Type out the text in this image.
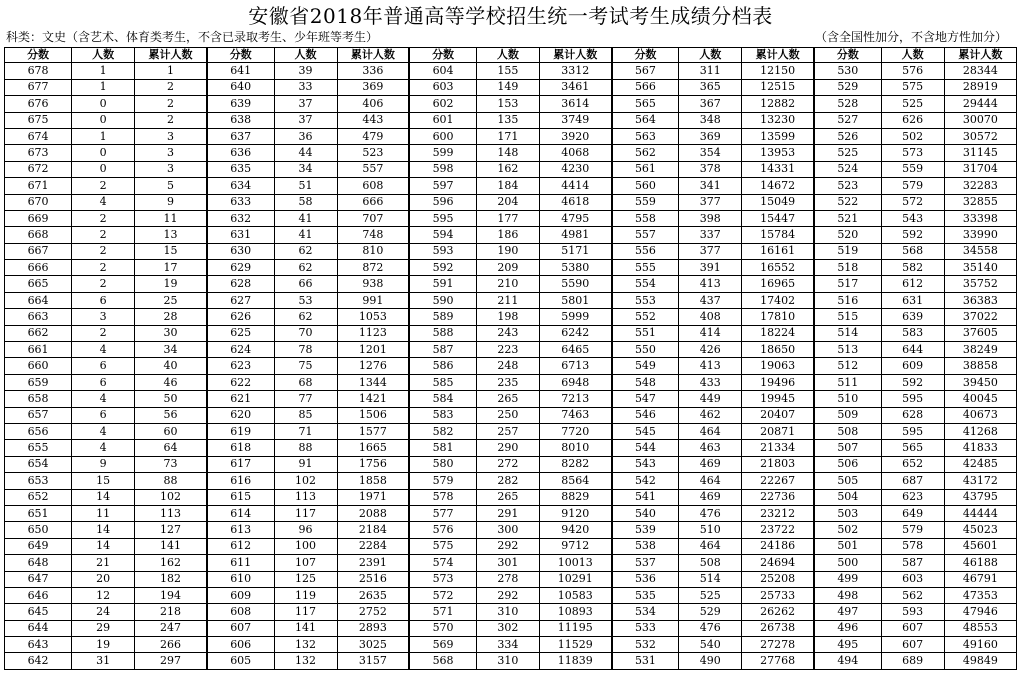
安徽省2018年普通高等学校招生统一考试考生成绩分档表
科类：文史（含艺术、体育类考生，不含已录取考生、少年班等考生）	（含全国性加分，不含地方性加分）
分数	人数	累计人数	分数	人数	累计人数	分数	人数	累计人数	分数	人数	累计人数	分数	人数	累计人数
678	1	1	641	39	336	604	155	3312	567	311	12150	530	576	28344
677	1	2	640	33	369	603	149	3461	566	365	12515	529	575	28919
676	0	2	639	37	406	602	153	3614	565	367	12882	528	525	29444
675	0	2	638	37	443	601	135	3749	564	348	13230	527	626	30070
674	1	3	637	36	479	600	171	3920	563	369	13599	526	502	30572
673	0	3	636	44	523	599	148	4068	562	354	13953	525	573	31145
672	0	3	635	34	557	598	162	4230	561	378	14331	524	559	31704
671	2	5	634	51	608	597	184	4414	560	341	14672	523	579	32283
670	4	9	633	58	666	596	204	4618	559	377	15049	522	572	32855
669	2	11	632	41	707	595	177	4795	558	398	15447	521	543	33398
668	2	13	631	41	748	594	186	4981	557	337	15784	520	592	33990
667	2	15	630	62	810	593	190	5171	556	377	16161	519	568	34558
666	2	17	629	62	872	592	209	5380	555	391	16552	518	582	35140
665	2	19	628	66	938	591	210	5590	554	413	16965	517	612	35752
664	6	25	627	53	991	590	211	5801	553	437	17402	516	631	36383
663	3	28	626	62	1053	589	198	5999	552	408	17810	515	639	37022
662	2	30	625	70	1123	588	243	6242	551	414	18224	514	583	37605
661	4	34	624	78	1201	587	223	6465	550	426	18650	513	644	38249
660	6	40	623	75	1276	586	248	6713	549	413	19063	512	609	38858
659	6	46	622	68	1344	585	235	6948	548	433	19496	511	592	39450
658	4	50	621	77	1421	584	265	7213	547	449	19945	510	595	40045
657	6	56	620	85	1506	583	250	7463	546	462	20407	509	628	40673
656	4	60	619	71	1577	582	257	7720	545	464	20871	508	595	41268
655	4	64	618	88	1665	581	290	8010	544	463	21334	507	565	41833
654	9	73	617	91	1756	580	272	8282	543	469	21803	506	652	42485
653	15	88	616	102	1858	579	282	8564	542	464	22267	505	687	43172
652	14	102	615	113	1971	578	265	8829	541	469	22736	504	623	43795
651	11	113	614	117	2088	577	291	9120	540	476	23212	503	649	44444
650	14	127	613	96	2184	576	300	9420	539	510	23722	502	579	45023
649	14	141	612	100	2284	575	292	9712	538	464	24186	501	578	45601
648	21	162	611	107	2391	574	301	10013	537	508	24694	500	587	46188
647	20	182	610	125	2516	573	278	10291	536	514	25208	499	603	46791
646	12	194	609	119	2635	572	292	10583	535	525	25733	498	562	47353
645	24	218	608	117	2752	571	310	10893	534	529	26262	497	593	47946
644	29	247	607	141	2893	570	302	11195	533	476	26738	496	607	48553
643	19	266	606	132	3025	569	334	11529	532	540	27278	495	607	49160
642	31	297	605	132	3157	568	310	11839	531	490	27768	494	689	49849
